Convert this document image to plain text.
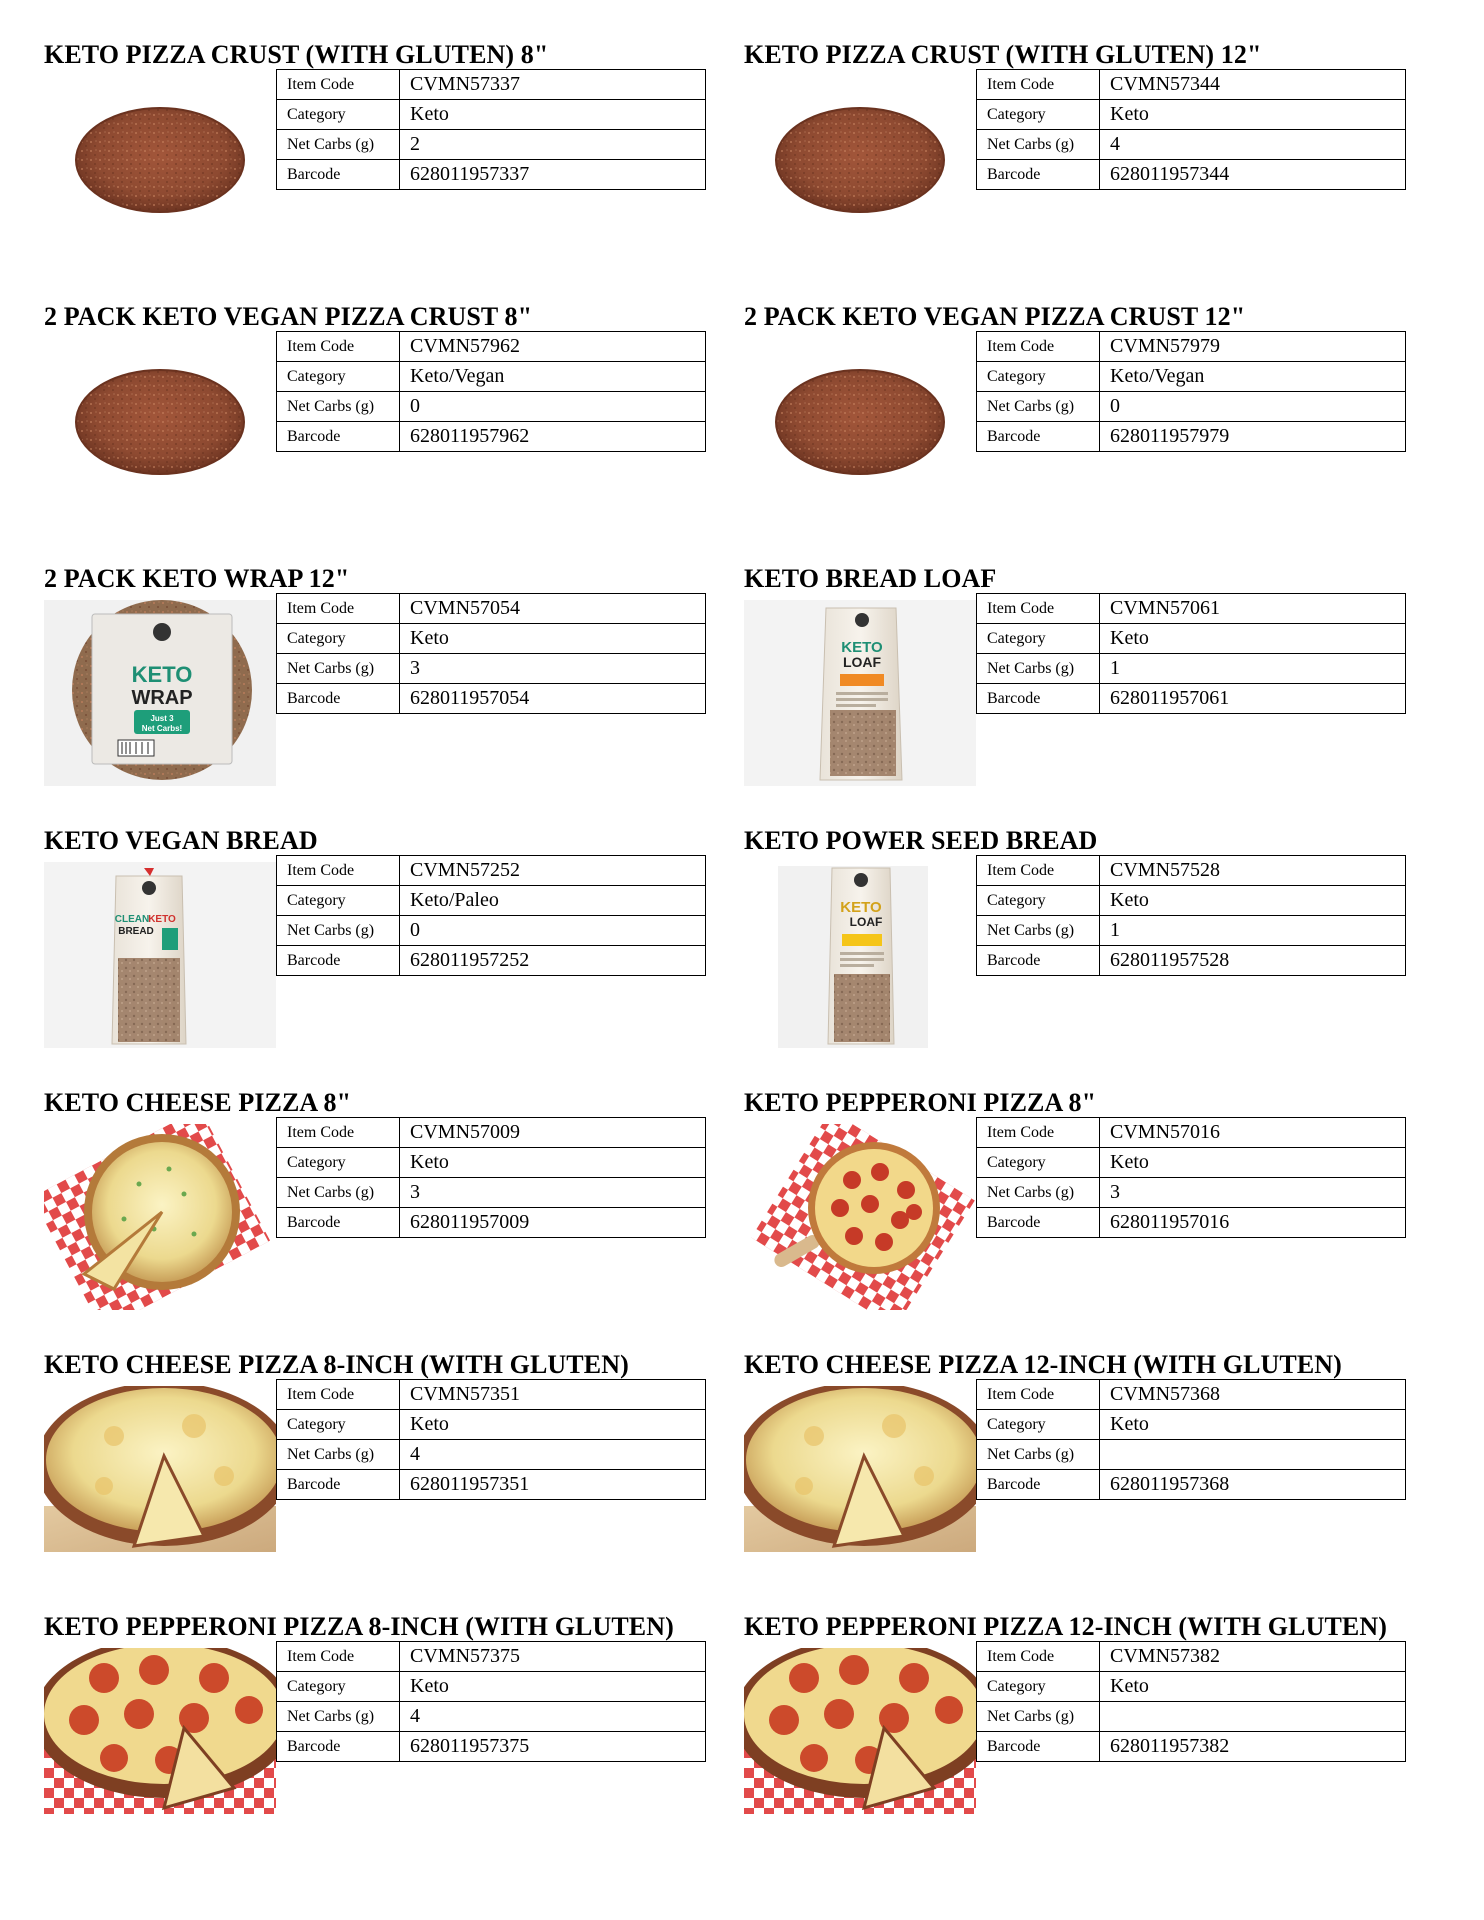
KETO PIZZA CRUST (WITH GLUTEN) 8"
Item Code	CVMN57337
Category	Keto
Net Carbs (g)	2
Barcode	628011957337
KETO PIZZA CRUST (WITH GLUTEN) 12"
Item Code	CVMN57344
Category	Keto
Net Carbs (g)	4
Barcode	628011957344
2 PACK KETO VEGAN PIZZA CRUST 8"
Item Code	CVMN57962
Category	Keto/Vegan
Net Carbs (g)	0
Barcode	628011957962
2 PACK KETO VEGAN PIZZA CRUST 12"
Item Code	CVMN57979
Category	Keto/Vegan
Net Carbs (g)	0
Barcode	628011957979
2 PACK KETO WRAP 12"
KETO
WRAP
Just 3
Net Carbs!
Item Code	CVMN57054
Category	Keto
Net Carbs (g)	3
Barcode	628011957054
KETO BREAD LOAF
KETO
LOAF
Item Code	CVMN57061
Category	Keto
Net Carbs (g)	1
Barcode	628011957061
KETO VEGAN BREAD
CLEAN
KETO
BREAD
Item Code	CVMN57252
Category	Keto/Paleo
Net Carbs (g)	0
Barcode	628011957252
KETO POWER SEED BREAD
KETO
LOAF
Item Code	CVMN57528
Category	Keto
Net Carbs (g)	1
Barcode	628011957528
KETO CHEESE PIZZA 8"
Item Code	CVMN57009
Category	Keto
Net Carbs (g)	3
Barcode	628011957009
KETO PEPPERONI PIZZA 8"
Item Code	CVMN57016
Category	Keto
Net Carbs (g)	3
Barcode	628011957016
KETO CHEESE PIZZA 8-INCH (WITH GLUTEN)
Item Code	CVMN57351
Category	Keto
Net Carbs (g)	4
Barcode	628011957351
KETO CHEESE PIZZA 12-INCH (WITH GLUTEN)
Item Code	CVMN57368
Category	Keto
Net Carbs (g)	
Barcode	628011957368
KETO PEPPERONI PIZZA 8-INCH (WITH GLUTEN)
Item Code	CVMN57375
Category	Keto
Net Carbs (g)	4
Barcode	628011957375
KETO PEPPERONI PIZZA 12-INCH (WITH GLUTEN)
Item Code	CVMN57382
Category	Keto
Net Carbs (g)	
Barcode	628011957382
